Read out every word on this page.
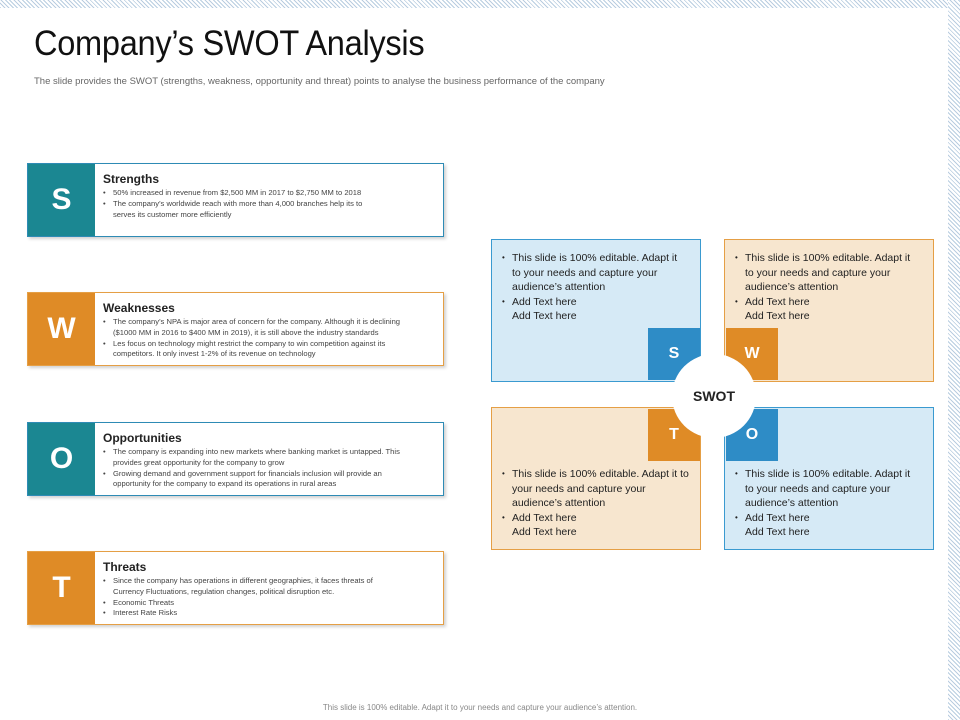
Company’s SWOT Analysis
The slide provides the SWOT (strengths, weakness, opportunity and threat) points to analyse the business performance of the company
S
Strengths
• 50% increased in revenue from $2,500 MM in 2017 to $2,750 MM to 2018
• The company’s worldwide reach with more than 4,000 branches help its to
serves its customer more efficiently
W
Weaknesses
• The company’s NPA is major area of concern for the company. Although it is declining
($1000 MM in 2016 to $400 MM in 2019), it is still above the industry standards
• Les focus on technology might restrict the company to win competition against its
competitors. It only invest 1-2% of its revenue on technology
O
Opportunities
• The company is expanding into new markets where banking market is untapped. This
provides great opportunity for the company to grow
• Growing demand and government support for financials inclusion will provide an
opportunity for the company to expand its operations in rural areas
T
Threats
• Since the company has operations in different geographies, it faces threats of
Currency Fluctuations, regulation changes, political disruption etc.
• Economic Threats
• Interest Rate Risks
• This slide is 100% editable. Adapt it
to your needs and capture your
audience’s attention
• Add Text here
Add Text here
S
• This slide is 100% editable. Adapt it
to your needs and capture your
audience’s attention
• Add Text here
Add Text here
W
• This slide is 100% editable. Adapt it to
your needs and capture your
audience’s attention
• Add Text here
Add Text here
T
• This slide is 100% editable. Adapt it
to your needs and capture your
audience’s attention
• Add Text here
Add Text here
O
SWOT
This slide is 100% editable. Adapt it to your needs and capture your audience’s attention.
